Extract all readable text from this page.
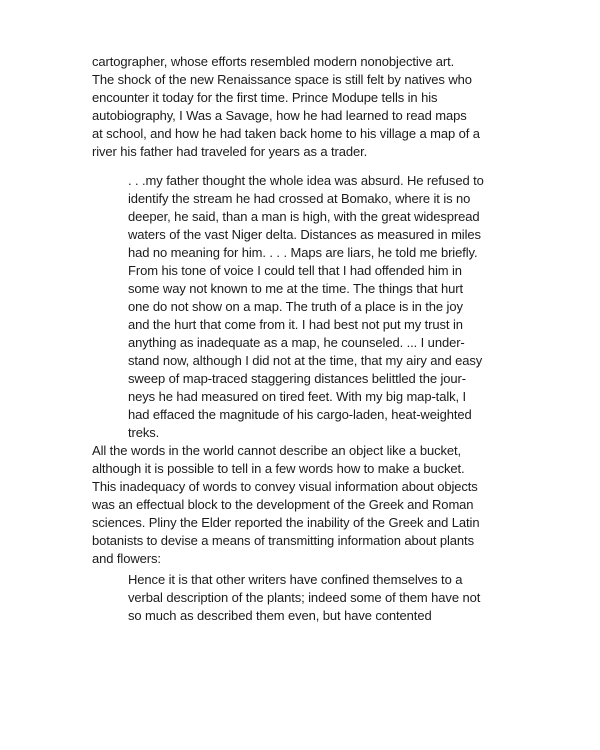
cartographer, whose efforts resembled modern nonobjective art.
The shock of the new Renaissance space is still felt by natives who
encounter it today for the first time. Prince Modupe tells in his
autobiography, I Was a Savage, how he had learned to read maps
at school, and how he had taken back home to his village a map of a
river his father had traveled for years as a trader.
. . .my father thought the whole idea was absurd. He refused to
identify the stream he had crossed at Bomako, where it is no
deeper, he said, than a man is high, with the great widespread
waters of the vast Niger delta. Distances as measured in miles
had no meaning for him. . . . Maps are liars, he told me briefly.
From his tone of voice I could tell that I had offended him in
some way not known to me at the time. The things that hurt
one do not show on a map. The truth of a place is in the joy
and the hurt that come from it. I had best not put my trust in
anything as inadequate as a map, he counseled. ... I under-
stand now, although I did not at the time, that my airy and easy
sweep of map-traced staggering distances belittled the jour-
neys he had measured on tired feet. With my big map-talk, I
had effaced the magnitude of his cargo-laden, heat-weighted
treks.
All the words in the world cannot describe an object like a bucket,
although it is possible to tell in a few words how to make a bucket.
This inadequacy of words to convey visual information about objects
was an effectual block to the development of the Greek and Roman
sciences. Pliny the Elder reported the inability of the Greek and Latin
botanists to devise a means of transmitting information about plants
and flowers:
Hence it is that other writers have confined themselves to a
verbal description of the plants; indeed some of them have not
so much as described them even, but have contented
